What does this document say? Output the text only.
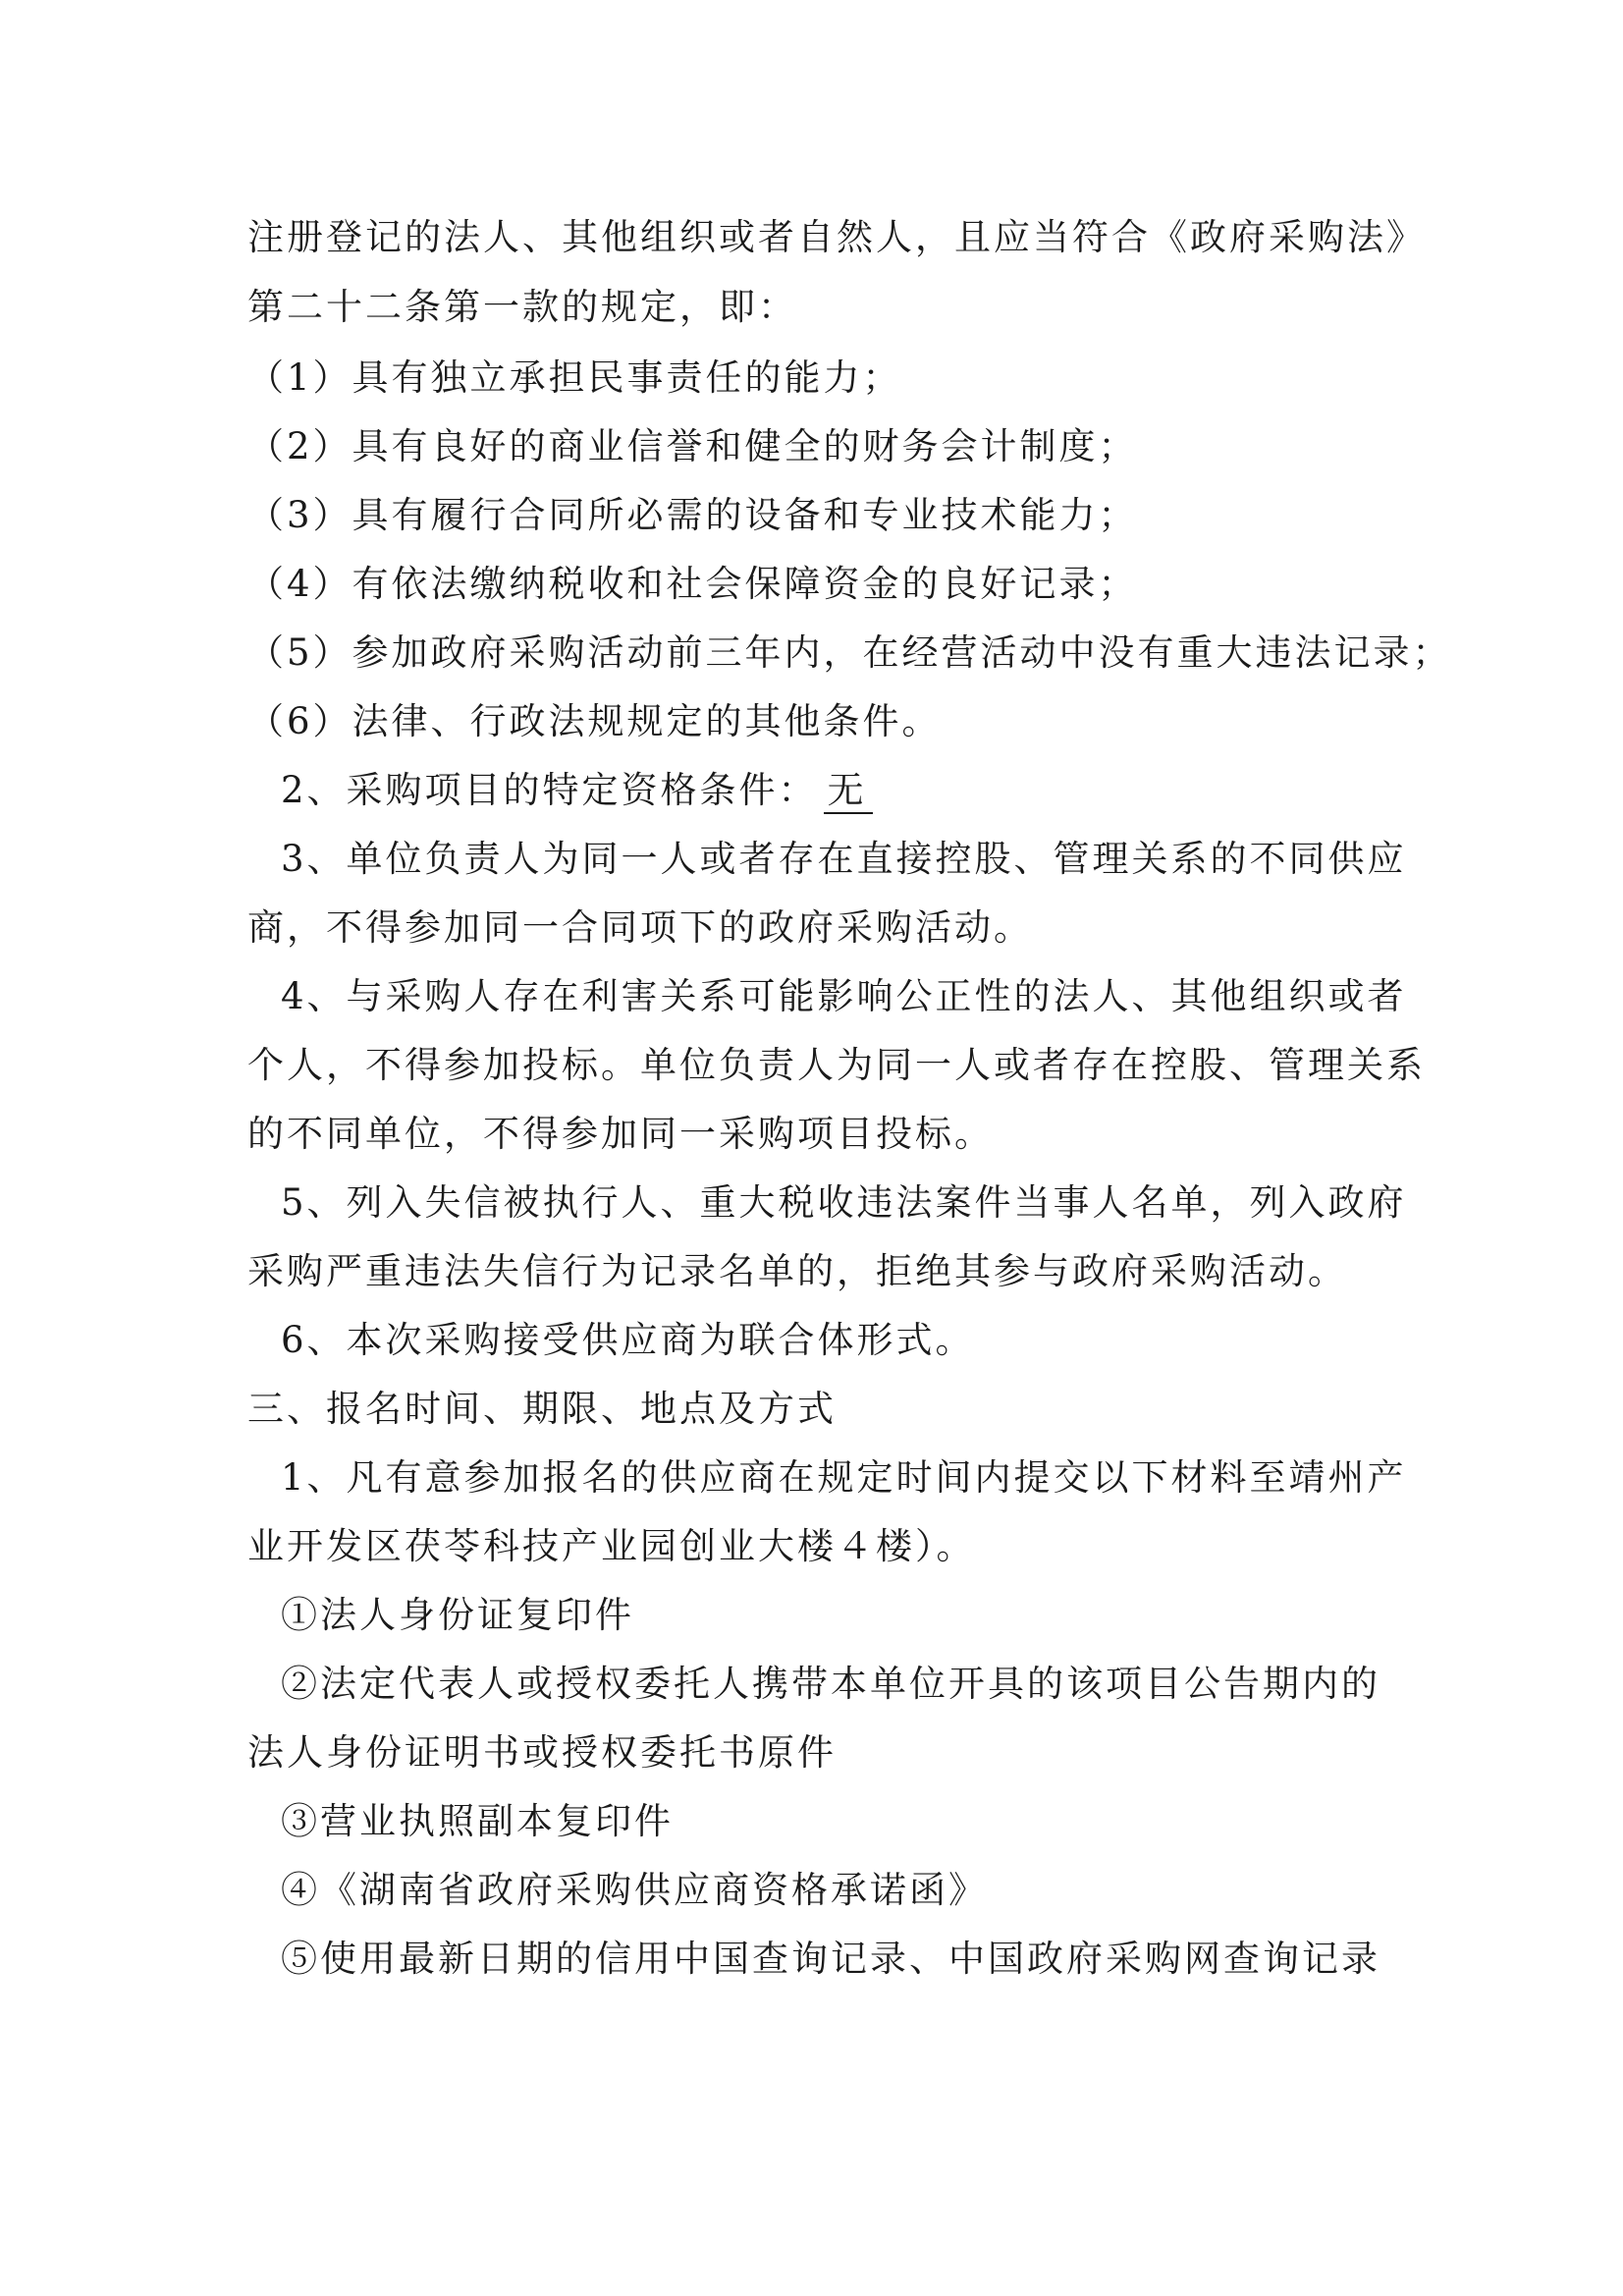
注册登记的法人、其他组织或者自然人，且应当符合《政府采购法》
第二十二条第一款的规定，即：
（1）具有独立承担民事责任的能力；
（2）具有良好的商业信誉和健全的财务会计制度；
（3）具有履行合同所必需的设备和专业技术能力；
（4）有依法缴纳税收和社会保障资金的良好记录；
（5）参加政府采购活动前三年内，在经营活动中没有重大违法记录；
（6）法律、行政法规规定的其他条件。
2、采购项目的特定资格条件： 无
3、单位负责人为同一人或者存在直接控股、管理关系的不同供应
商，不得参加同一合同项下的政府采购活动。
4、与采购人存在利害关系可能影响公正性的法人、其他组织或者
个人，不得参加投标。单位负责人为同一人或者存在控股、管理关系
的不同单位，不得参加同一采购项目投标。
5、列入失信被执行人、重大税收违法案件当事人名单，列入政府
采购严重违法失信行为记录名单的，拒绝其参与政府采购活动。
6、本次采购接受供应商为联合体形式。
三、报名时间、期限、地点及方式
1、凡有意参加报名的供应商在规定时间内提交以下材料至靖州产
业开发区茯苓科技产业园创业大楼４楼）。
①法人身份证复印件
②法定代表人或授权委托人携带本单位开具的该项目公告期内的
法人身份证明书或授权委托书原件
③营业执照副本复印件
④《湖南省政府采购供应商资格承诺函》
⑤使用最新日期的信用中国查询记录、中国政府采购网查询记录
